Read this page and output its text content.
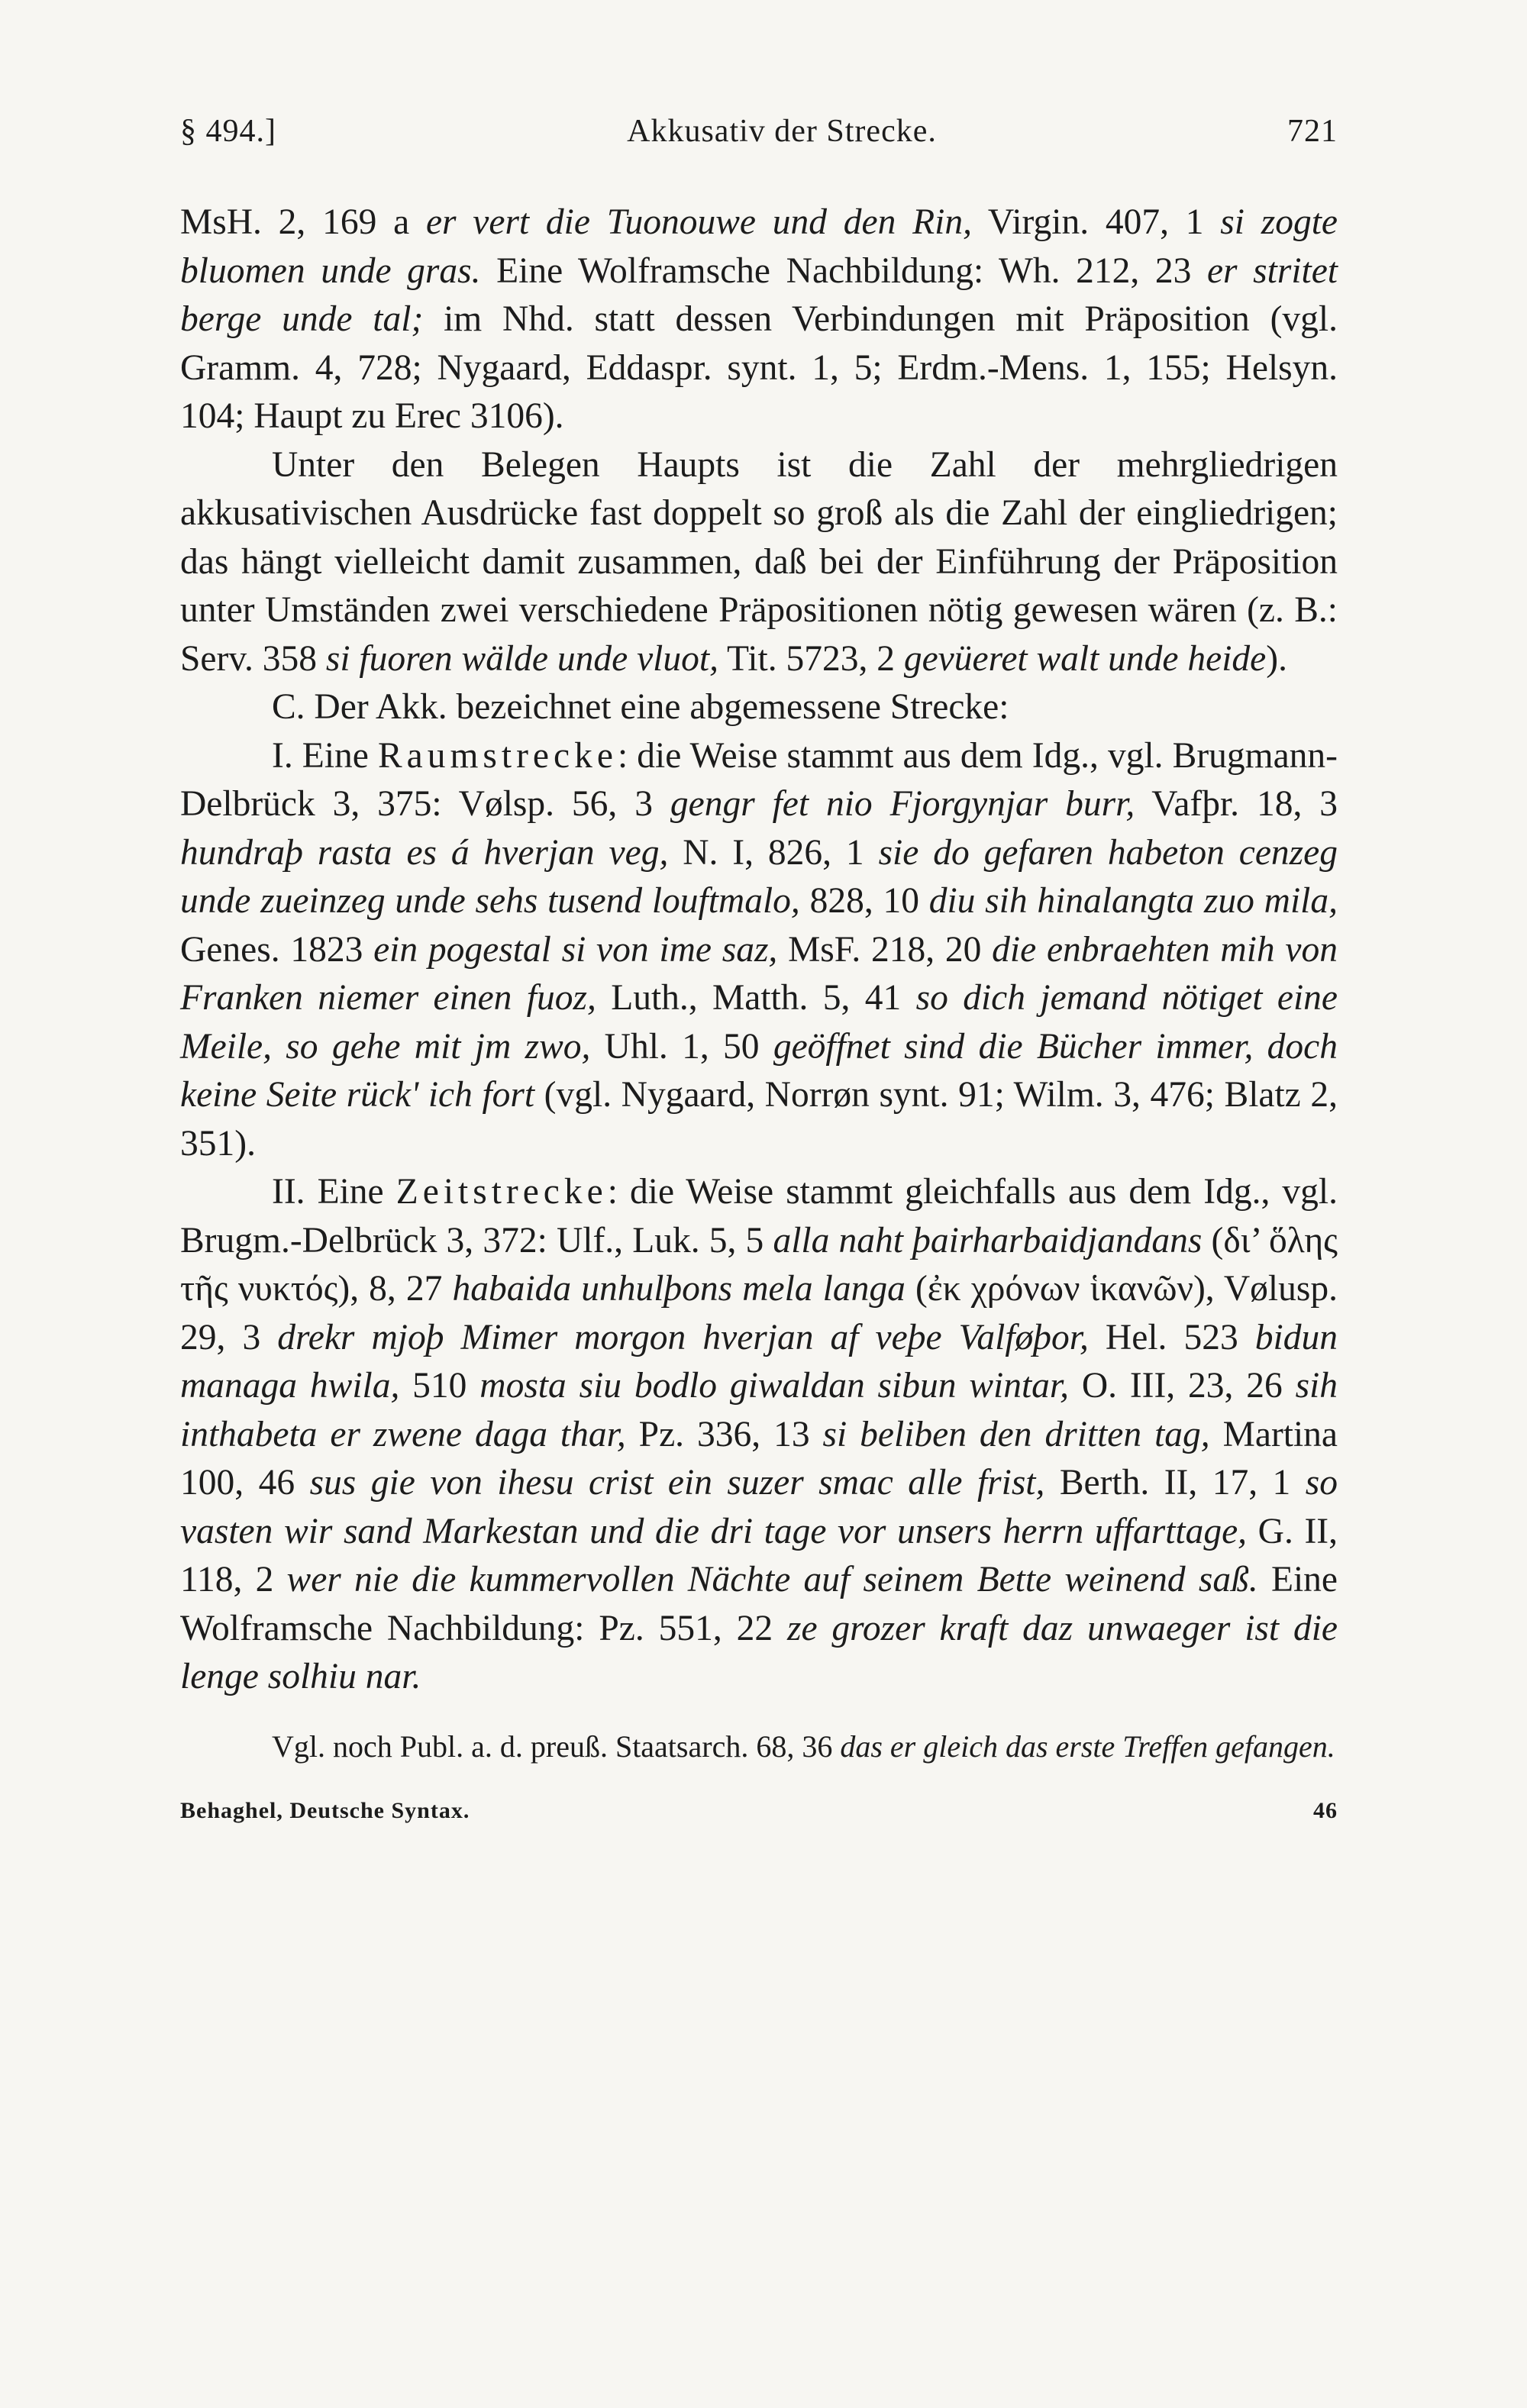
§ 494.]	Akkusativ der Strecke.	721

MsH. 2, 169 a er vert die Tuonouwe und den Rin, Virgin. 407, 1 si zogte bluomen unde gras. Eine Wolframsche Nachbildung: Wh. 212, 23 er stritet berge unde tal; im Nhd. statt dessen Verbindungen mit Präposition (vgl. Gramm. 4, 728; Nygaard, Eddaspr. synt. 1, 5; Erdm.-Mens. 1, 155; Helsyn. 104; Haupt zu Erec 3106).

Unter den Belegen Haupts ist die Zahl der mehrgliedrigen akkusativischen Ausdrücke fast doppelt so groß als die Zahl der eingliedrigen; das hängt vielleicht damit zusammen, daß bei der Einführung der Präposition unter Umständen zwei verschiedene Präpositionen nötig gewesen wären (z. B.: Serv. 358 si fuoren wälde unde vluot, Tit. 5723, 2 gevüeret walt unde heide).

C. Der Akk. bezeichnet eine abgemessene Strecke:

I. Eine Raumstrecke: die Weise stammt aus dem Idg., vgl. Brugmann-Delbrück 3, 375: Vølsp. 56, 3 gengr fet nio Fjorgynjar burr, Vafþr. 18, 3 hundraþ rasta es á hverjan veg, N. I, 826, 1 sie do gefaren habeton cenzeg unde zueinzeg unde sehs tusend louftmalo, 828, 10 diu sih hinalangta zuo mila, Genes. 1823 ein pogestal si von ime saz, MsF. 218, 20 die enbraehten mih von Franken niemer einen fuoz, Luth., Matth. 5, 41 so dich jemand nötiget eine Meile, so gehe mit jm zwo, Uhl. 1, 50 geöffnet sind die Bücher immer, doch keine Seite rück' ich fort (vgl. Nygaard, Norrøn synt. 91; Wilm. 3, 476; Blatz 2, 351).

II. Eine Zeitstrecke: die Weise stammt gleichfalls aus dem Idg., vgl. Brugm.-Delbrück 3, 372: Ulf., Luk. 5, 5 alla naht þairharbaidjandans (δι’ ὅλης τῆς νυκτός), 8, 27 habaida unhulþons mela langa (ἐκ χρόνων ἱκανῶν), Vølusp. 29, 3 drekr mjoþ Mimer morgon hverjan af veþe Valføþor, Hel. 523 bidun managa hwila, 510 mosta siu bodlo giwaldan sibun wintar, O. III, 23, 26 sih inthabeta er zwene daga thar, Pz. 336, 13 si beliben den dritten tag, Martina 100, 46 sus gie von ihesu crist ein suzer smac alle frist, Berth. II, 17, 1 so vasten wir sand Markestan und die dri tage vor unsers herrn uffarttage, G. II, 118, 2 wer nie die kummervollen Nächte auf seinem Bette weinend saß. Eine Wolframsche Nachbildung: Pz. 551, 22 ze grozer kraft daz unwaeger ist die lenge solhiu nar.

Vgl. noch Publ. a. d. preuß. Staatsarch. 68, 36 das er gleich das erste Treffen gefangen.

Behaghel, Deutsche Syntax.	46
